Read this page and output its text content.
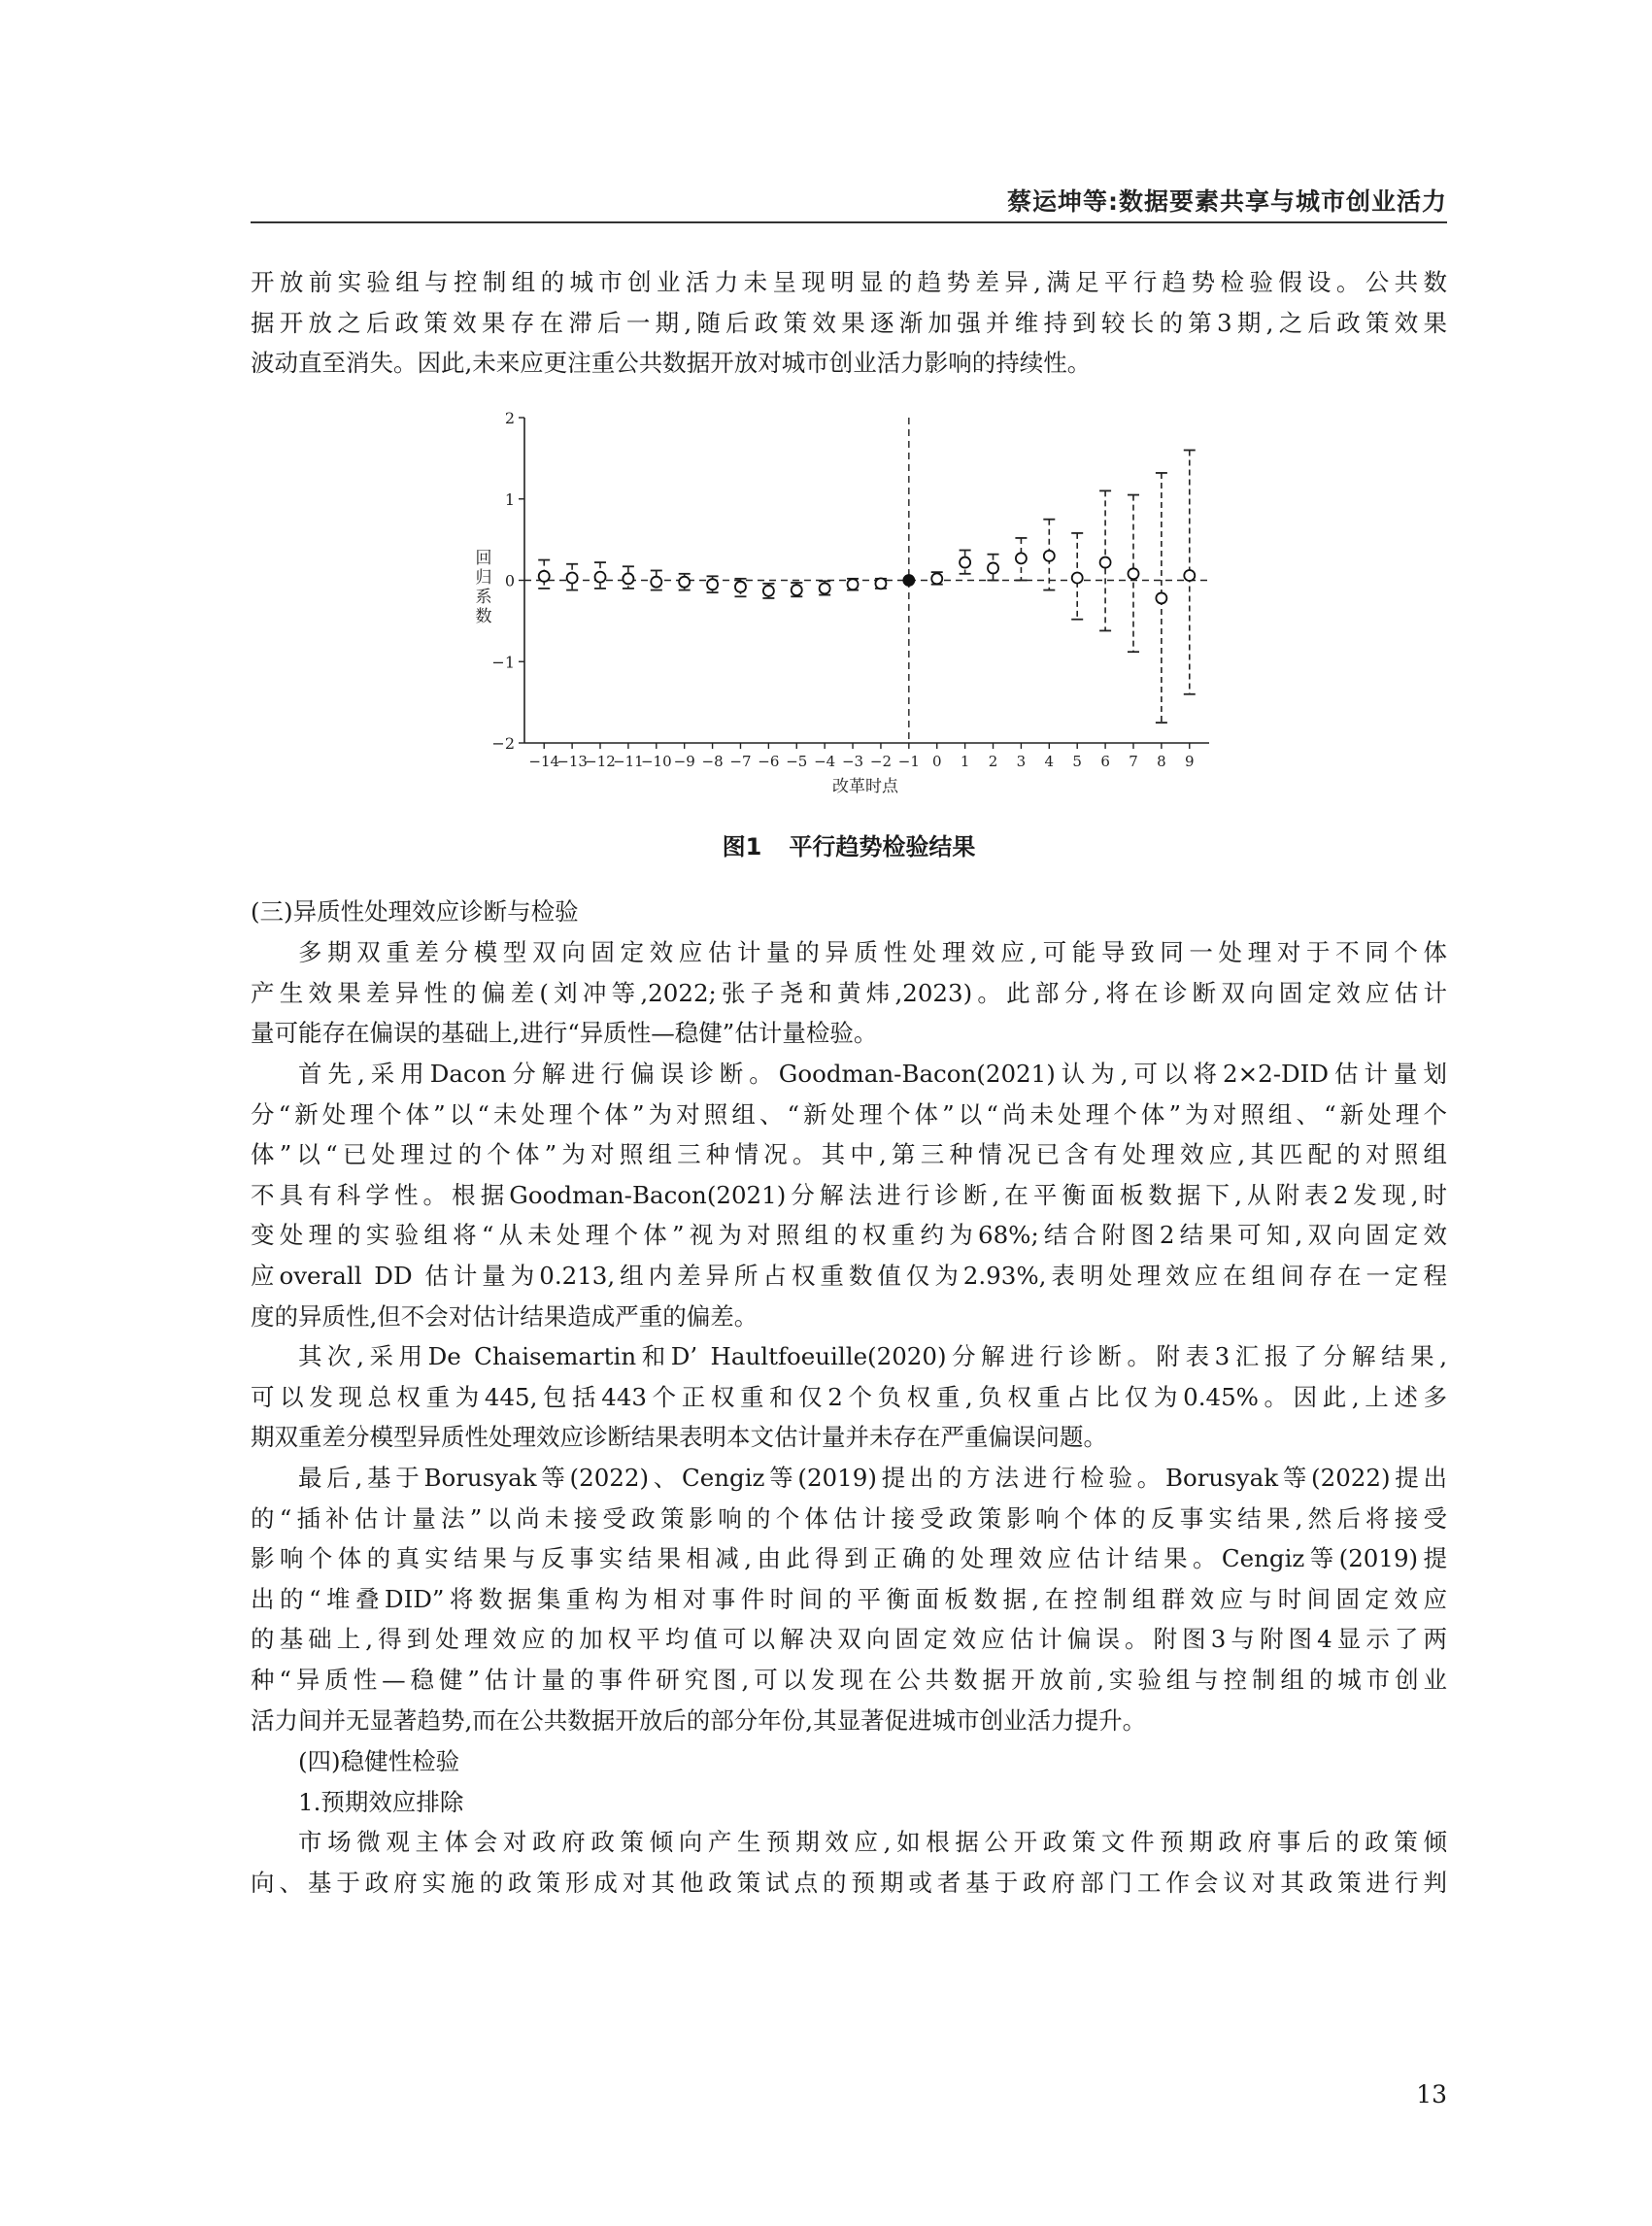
蔡运坤等:数据要素共享与城市创业活力
开放前实验组与控制组的城市创业活力未呈现明显的趋势差异,满足平行趋势检验假设。公共数
据开放之后政策效果存在滞后一期,随后政策效果逐渐加强并维持到较长的第3期,之后政策效果
波动直至消失。因此,未来应更注重公共数据开放对城市创业活力影响的持续性。
−2
−1
0
1
2
−14
−13
−12
−11
−10 −9 −8 −7 −6 −5 −4 −3 −2 −1 0 1 2 3 4 5 6 7 8 9
回归系数
改革时点
图1 平行趋势检验结果

(三)异质性处理效应诊断与检验

多期双重差分模型双向固定效应估计量的异质性处理效应,可能导致同一处理对于不同个体
产生效果差异性的偏差(刘冲等,2022;张子尧和黄炜,2023)。此部分,将在诊断双向固定效应估计
量可能存在偏误的基础上,进行“异质性—稳健”估计量检验。
首先,采用Dacon分解进行偏误诊断。Goodman-Bacon(2021)认为,可以将2×2-DID估计量划
分“新处理个体”以“未处理个体”为对照组、“新处理个体”以“尚未处理个体”为对照组、“新处理个
体”以“已处理过的个体”为对照组三种情况。其中,第三种情况已含有处理效应,其匹配的对照组
不具有科学性。根据Goodman-Bacon(2021)分解法进行诊断,在平衡面板数据下,从附表2发现,时
变处理的实验组将“从未处理个体”视为对照组的权重约为68%;结合附图2结果可知,双向固定效
应overall DD 估计量为0.213,组内差异所占权重数值仅为2.93%,表明处理效应在组间存在一定程
度的异质性,但不会对估计结果造成严重的偏差。
其次,采用De Chaisemartin和D’ Haultfoeuille(2020)分解进行诊断。附表3汇报了分解结果,
可以发现总权重为445,包括443个正权重和仅2个负权重,负权重占比仅为0.45%。因此,上述多
期双重差分模型异质性处理效应诊断结果表明本文估计量并未存在严重偏误问题。
最后,基于Borusyak等(2022)、Cengiz等(2019)提出的方法进行检验。Borusyak等(2022)提出
的“插补估计量法”以尚未接受政策影响的个体估计接受政策影响个体的反事实结果,然后将接受
影响个体的真实结果与反事实结果相减,由此得到正确的处理效应估计结果。Cengiz等(2019)提
出的“堆叠DID”将数据集重构为相对事件时间的平衡面板数据,在控制组群效应与时间固定效应
的基础上,得到处理效应的加权平均值可以解决双向固定效应估计偏误。附图3与附图4显示了两
种“异质性—稳健”估计量的事件研究图,可以发现在公共数据开放前,实验组与控制组的城市创业
活力间并无显著趋势,而在公共数据开放后的部分年份,其显著促进城市创业活力提升。

(四)稳健性检验

1.预期效应排除

市场微观主体会对政府政策倾向产生预期效应,如根据公开政策文件预期政府事后的政策倾
向、基于政府实施的政策形成对其他政策试点的预期或者基于政府部门工作会议对其政策进行判
13
